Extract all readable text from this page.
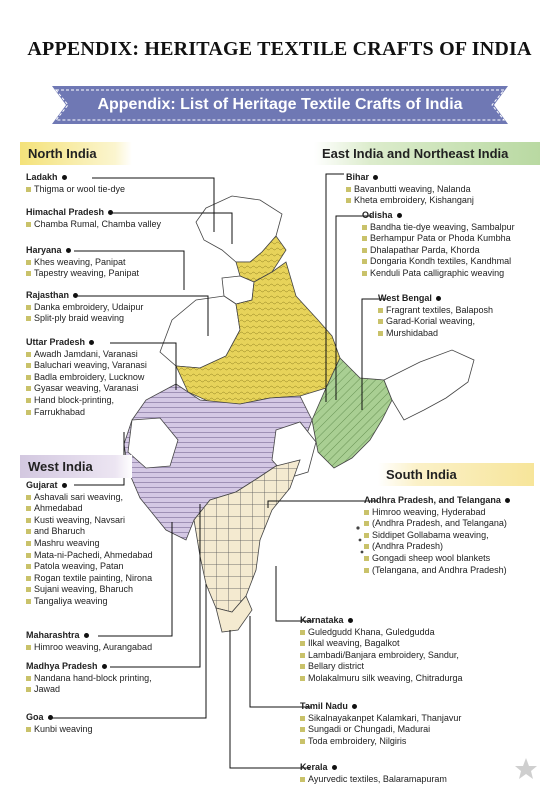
APPENDIX: HERITAGE TEXTILE CRAFTS OF INDIA
Appendix: List of Heritage Textile Crafts of India
North India	East India and Northeast India
West India
South India
Ladakh
Thigma or wool tie-dye
Himachal Pradesh
Chamba Rumal, Chamba valley
Haryana
Khes weaving, Panipat
Tapestry weaving, Panipat
Rajasthan
Danka embroidery, Udaipur
Split-ply braid weaving
Uttar Pradesh
Awadh Jamdani, Varanasi
Baluchari weaving, Varanasi
Badla embroidery, Lucknow
Gyasar weaving, Varanasi
Hand block-printing,
Farrukhabad
Bihar
Bavanbutti weaving, Nalanda
Kheta embroidery, Kishanganj
Odisha
Bandha tie-dye weaving, Sambalpur
Berhampur Pata or Phoda Kumbha
Dhalapathar Parda, Khorda
Dongaria Kondh textiles, Kandhmal
Kenduli Pata calligraphic weaving
West Bengal
Fragrant textiles, Balaposh
Garad-Korial weaving,
Murshidabad
Gujarat
Ashavali sari weaving,
Ahmedabad
Kusti weaving, Navsari
and Bharuch
Mashru weaving
Mata-ni-Pachedi, Ahmedabad
Patola weaving, Patan
Rogan textile painting, Nirona
Sujani weaving, Bharuch
Tangaliya weaving
Maharashtra
Himroo weaving, Aurangabad
Madhya Pradesh
Nandana hand-block printing,
Jawad
Goa
Kunbi weaving
Andhra Pradesh, and Telangana
Himroo weaving, Hyderabad
(Andhra Pradesh, and Telangana)
Siddipet Gollabama weaving,
(Andhra Pradesh)
Gongadi sheep wool blankets
(Telangana, and Andhra Pradesh)
Karnataka
Guledgudd Khana, Guledgudda
Ilkal weaving, Bagalkot
Lambadi/Banjara embroidery, Sandur,
Bellary district
Molakalmuru silk weaving, Chitradurga
Tamil Nadu
Sikalnayakanpet Kalamkari, Thanjavur
Sungadi or Chungadi, Madurai
Toda embroidery, Nilgiris
Kerala
Ayurvedic textiles, Balaramapuram
